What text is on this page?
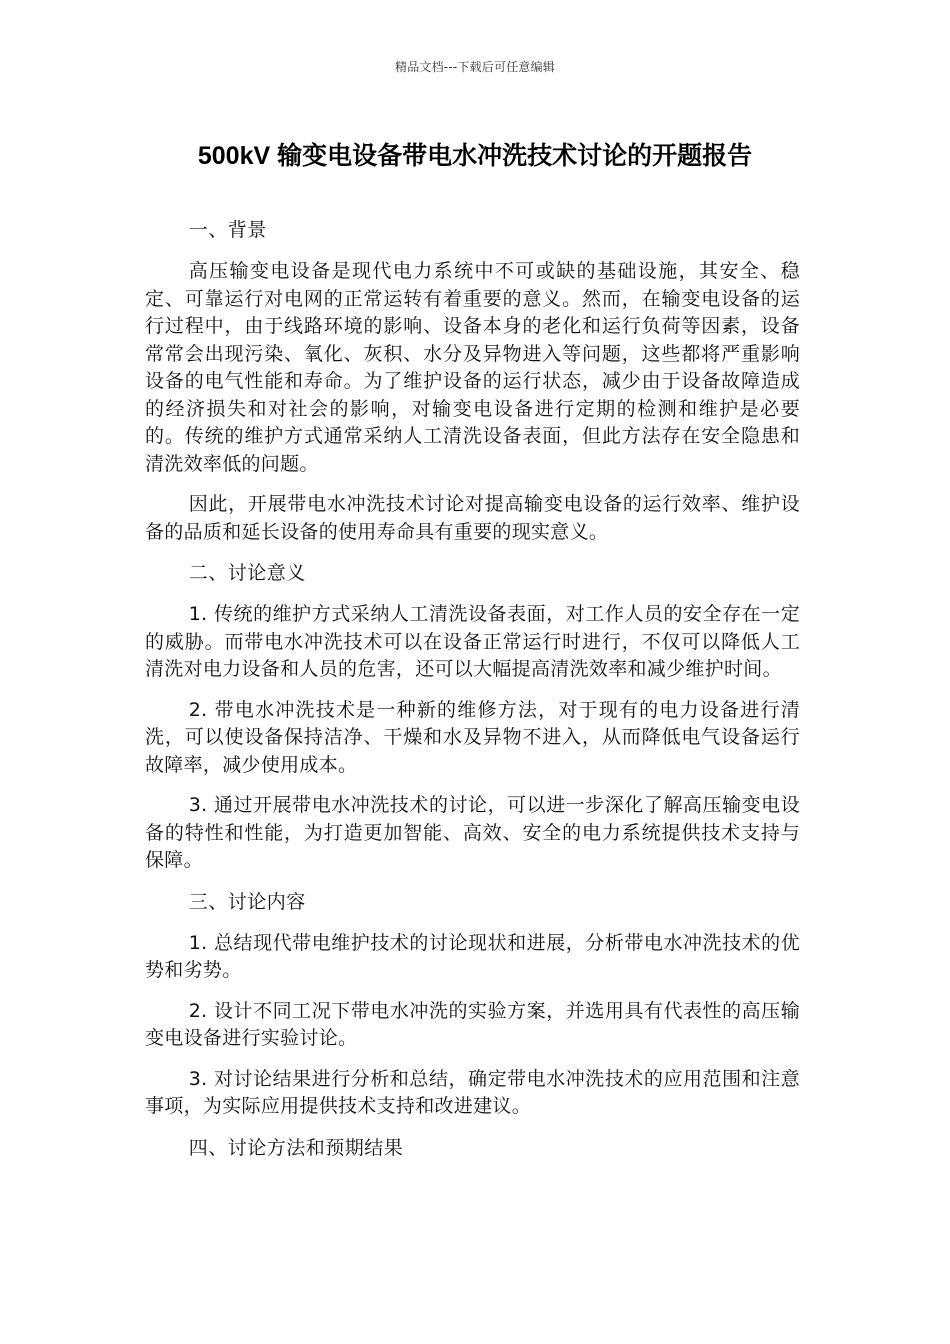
精品文档---下载后可任意编辑
500kV 输变电设备带电水冲洗技术讨论的开题报告

一、背景

高压输变电设备是现代电力系统中不可或缺的基础设施，其安全、稳定、可靠运行对电网的正常运转有着重要的意义。然而，在输变电设备的运行过程中，由于线路环境的影响、设备本身的老化和运行负荷等因素，设备常常会出现污染、氧化、灰积、水分及异物进入等问题，这些都将严重影响设备的电气性能和寿命。为了维护设备的运行状态，减少由于设备故障造成的经济损失和对社会的影响，对输变电设备进行定期的检测和维护是必要的。传统的维护方式通常采纳人工清洗设备表面，但此方法存在安全隐患和清洗效率低的问题。

因此，开展带电水冲洗技术讨论对提高输变电设备的运行效率、维护设备的品质和延长设备的使用寿命具有重要的现实意义。

二、讨论意义

1. 传统的维护方式采纳人工清洗设备表面，对工作人员的安全存在一定的威胁。而带电水冲洗技术可以在设备正常运行时进行，不仅可以降低人工清洗对电力设备和人员的危害，还可以大幅提高清洗效率和减少维护时间。

2. 带电水冲洗技术是一种新的维修方法，对于现有的电力设备进行清洗，可以使设备保持洁净、干燥和水及异物不进入，从而降低电气设备运行故障率，减少使用成本。

3. 通过开展带电水冲洗技术的讨论，可以进一步深化了解高压输变电设备的特性和性能，为打造更加智能、高效、安全的电力系统提供技术支持与保障。

三、讨论内容

1. 总结现代带电维护技术的讨论现状和进展，分析带电水冲洗技术的优势和劣势。

2. 设计不同工况下带电水冲洗的实验方案，并选用具有代表性的高压输变电设备进行实验讨论。

3. 对讨论结果进行分析和总结，确定带电水冲洗技术的应用范围和注意事项，为实际应用提供技术支持和改进建议。

四、讨论方法和预期结果
